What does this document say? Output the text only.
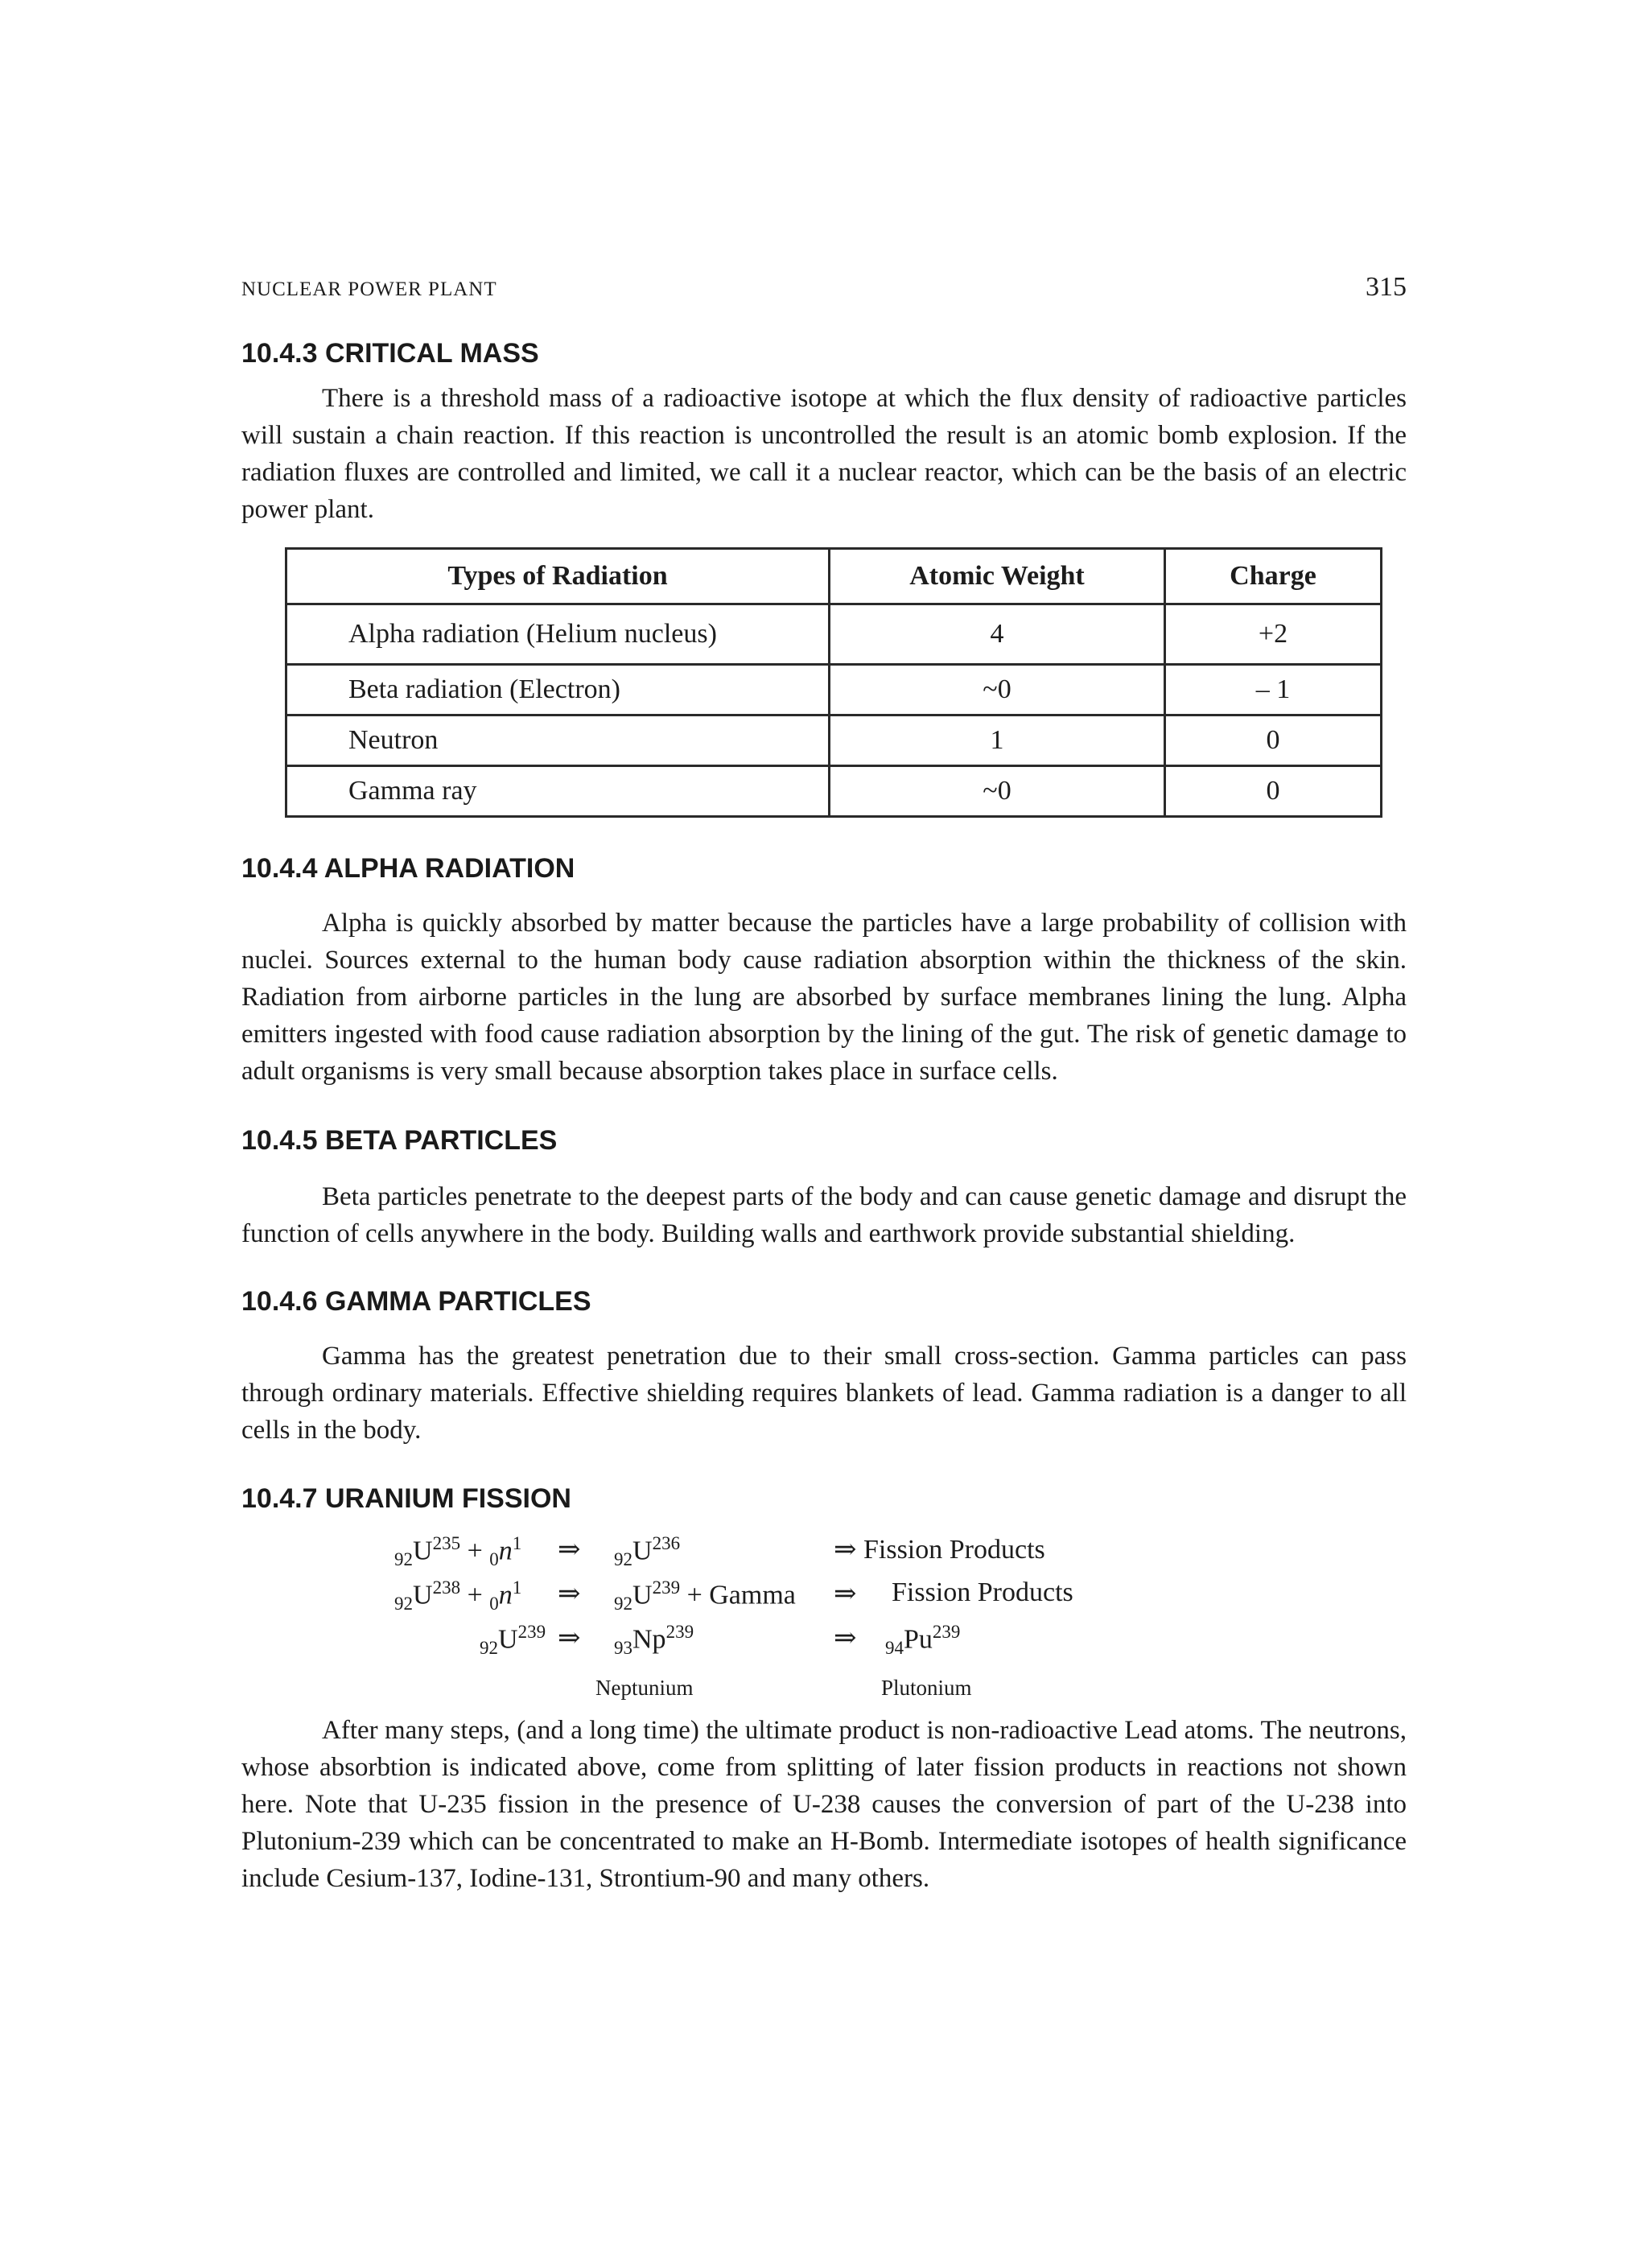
NUCLEAR POWER PLANT	315
10.4.3 CRITICAL MASS

There is a threshold mass of a radioactive isotope at which the flux density of radioactive particles will sustain a chain reaction. If this reaction is uncontrolled the result is an atomic bomb explosion. If the radiation fluxes are controlled and limited, we call it a nuclear reactor, which can be the basis of an electric power plant.

Types of Radiation	Atomic Weight	Charge
Alpha radiation (Helium nucleus)	4	+2
Beta radiation (Electron)	~0	– 1
Neutron	1	0
Gamma ray	~0	0
10.4.4 ALPHA RADIATION

Alpha is quickly absorbed by matter because the particles have a large probability of collision with nuclei. Sources external to the human body cause radiation absorption within the thickness of the skin. Radiation from airborne particles in the lung are absorbed by surface membranes lining the lung. Alpha emitters ingested with food cause radiation absorption by the lining of the gut. The risk of genetic damage to adult organisms is very small because absorption takes place in surface cells.

10.4.5 BETA PARTICLES

Beta particles penetrate to the deepest parts of the body and can cause genetic damage and disrupt the function of cells anywhere in the body. Building walls and earthwork provide substantial shielding.

10.4.6 GAMMA PARTICLES

Gamma has the greatest penetration due to their small cross-section. Gamma particles can pass through ordinary materials. Effective shielding requires blankets of lead. Gamma radiation is a danger to all cells in the body.

10.4.7 URANIUM FISSION
$_{92}U^{235} + _0n^1$ ⇒ $_{92}U^{236}$	⇒ Fission Products
$_{92}U^{238} + _0n^1$ ⇒ $_{92}U^{239}$ + Gamma ⇒ Fission Products
$_{92}U^{239}$ ⇒ $_{93}Np^{239}$	⇒ $_{94}Pu^{239}$
Neptunium	Plutonium

After many steps, (and a long time) the ultimate product is non-radioactive Lead atoms. The neutrons, whose absorbtion is indicated above, come from splitting of later fission products in reactions not shown here. Note that U-235 fission in the presence of U-238 causes the conversion of part of the U-238 into Plutonium-239 which can be concentrated to make an H-Bomb. Intermediate isotopes of health significance include Cesium-137, Iodine-131, Strontium-90 and many others.
